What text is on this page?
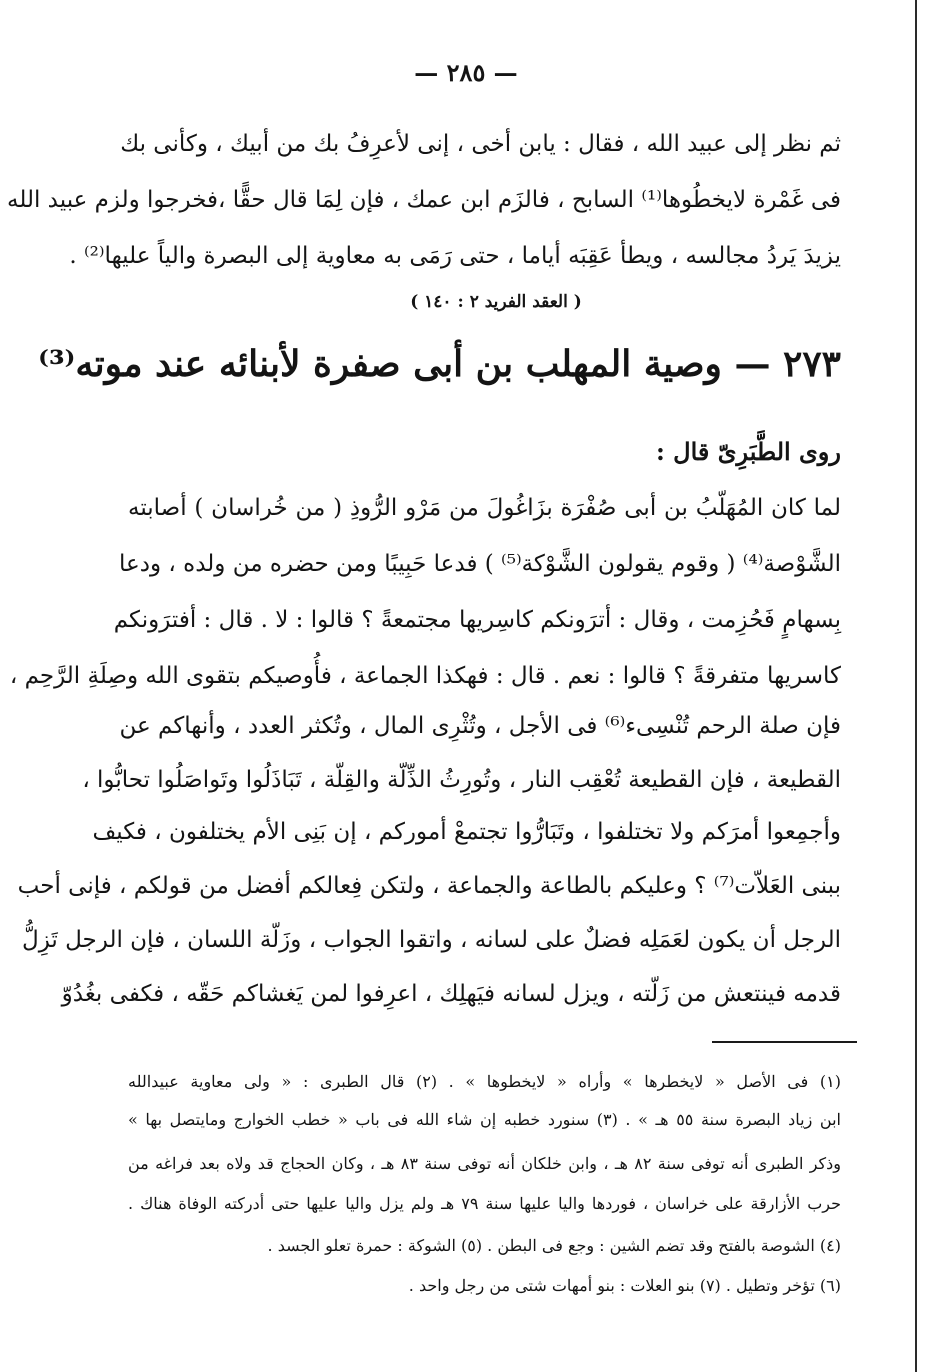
— ٢٨٥ —
ثم نظر إلى عبيد الله ، فقال : يابن أخى ، إنى لأعرِفُ بك من أبيك ، وكأنى بك
فى غَمْرة لايخطُوها⁽¹⁾ السابح ، فالزَم ابن عمك ، فإن لِمَا قال حقًّا ،فخرجوا ولزم عبيد الله
يزيدَ يَردُ مجالسه ، ويطأ عَقِبَه أياما ، حتى رَمَى به معاوية إلى البصرة والياً عليها⁽²⁾ .
( العقد الفريد ٢ : ١٤٠ )
٢٧٣ — وصية المهلب بن أبى صفرة لأبنائه عند موته⁽³⁾
روى الطَّبَرِىّ قال :
لما كان المُهَلّبُ بن أبى صُفْرَة بزَاغُولَ من مَرْو الرُّوذِ ( من خُراسان ) أصابته
الشَّوْصة⁽⁴⁾ ( وقوم يقولون الشَّوْكة⁽⁵⁾ ) فدعا حَبِيبًا ومن حضره من ولده ، ودعا
بِسهامٍ فَحُزِمت ، وقال : أترَونكم كاسِريها مجتمعةً ؟ قالوا : لا . قال : أفترَونكم
كاسريها متفرقةً ؟ قالوا : نعم . قال : فهكذا الجماعة ، فأُوصيكم بتقوى الله وصِلَةِ الرَّحِم ،
فإن صلة الرحم تُنْسِىء⁽⁶⁾ فى الأجل ، وتُثْرِى المال ، وتُكثر العدد ، وأنهاكم عن
القطيعة ، فإن القطيعة تُعْقِب النار ، وتُورِثُ الذِّلّة والقِلّة ، تَبَاذَلُوا وتَواصَلُوا تحابُّوا ،
وأجمِعوا أمرَكم ولا تختلفوا ، وتَبَارُّوا تجتمعْ أموركم ، إن بَنِى الأم يختلفون ، فكيف
ببنى العَلاّت⁽⁷⁾ ؟ وعليكم بالطاعة والجماعة ، ولتكن فِعالكم أفضل من قولكم ، فإنى أحب
الرجل أن يكون لعَمَلِه فضلٌ على لسانه ، واتقوا الجواب ، وزَلّة اللسان ، فإن الرجل تَزِلُّ
قدمه فينتعش من زَلّته ، ويزل لسانه فيَهلِك ، اعرِفوا لمن يَغشاكم حَقّه ، فكفى بغُدُوّ
(١) فى الأصل « لايخطرها » وأراه « لايخطوها » . (٢) قال الطبرى : « ولى معاوية عبيدالله
ابن زياد البصرة سنة ٥٥ هـ » . (٣) سنورد خطبه إن شاء الله فى باب « خطب الخوارج ومايتصل بها »
وذكر الطبرى أنه توفى سنة ٨٢ هـ ، وابن خلكان أنه توفى سنة ٨٣ هـ ، وكان الحجاج قد ولاه بعد فراغه من
حرب الأزارقة على خراسان ، فوردها واليا عليها سنة ٧٩ هـ ولم يزل واليا عليها حتى أدركته الوفاة هناك .
(٤) الشوصة بالفتح وقد تضم الشين : وجع فى البطن . (٥) الشوكة : حمرة تعلو الجسد .
(٦) تؤخر وتطيل . (٧) بنو العلات : بنو أمهات شتى من رجل واحد .
